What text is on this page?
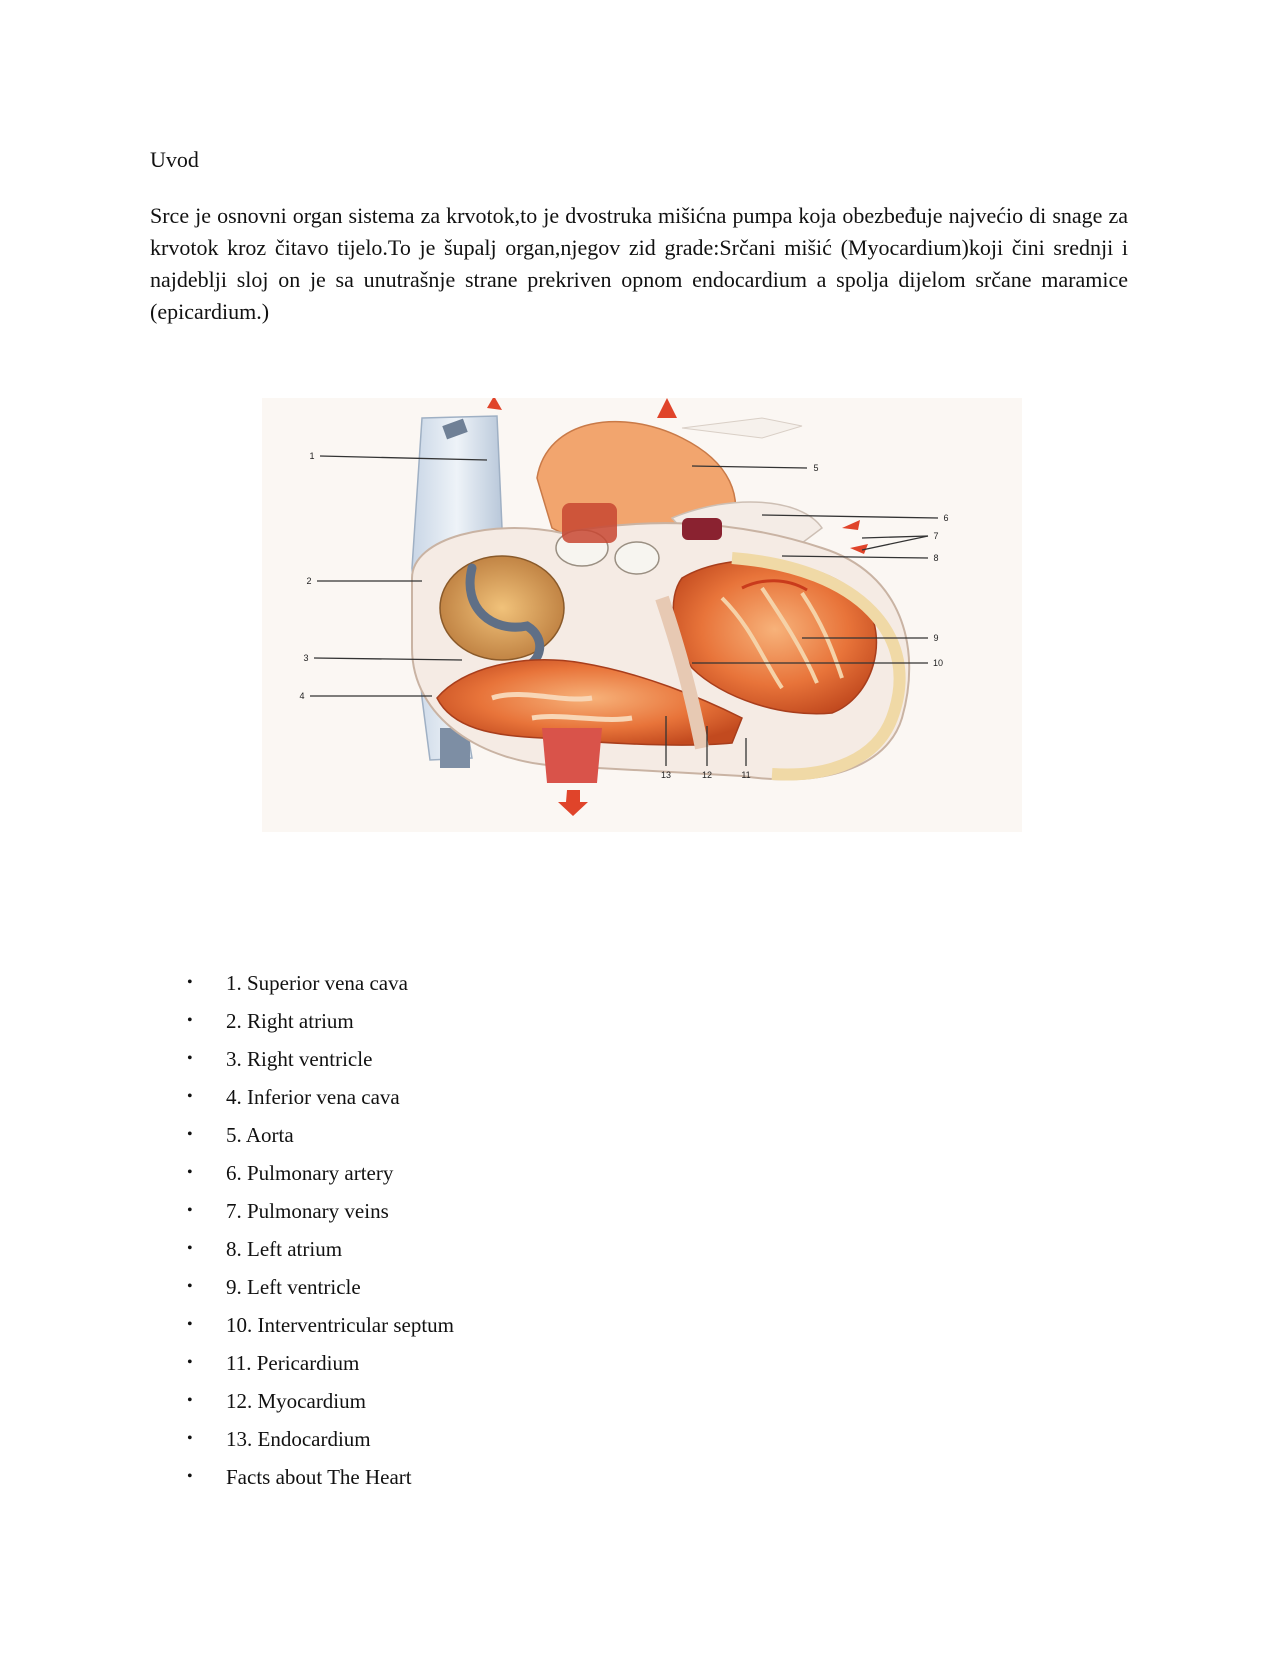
Uvod

Srce je osnovni organ sistema za krvotok,to je dvostruka mišićna pumpa koja obezbeđuje najvećio di snage za krvotok kroz čitavo tijelo.To je šupalj organ,njegov zid grade:Srčani mišić (Myocardium)koji čini srednji i najdeblji sloj on je sa unutrašnje strane prekriven opnom endocardium a spolja dijelom srčane maramice (epicardium.)

1
2
3
4
5
6
7
8
9
10
11
12
13
• 1. Superior vena cava
• 2. Right atrium
• 3. Right ventricle
• 4. Inferior vena cava
• 5. Aorta
• 6. Pulmonary artery
• 7. Pulmonary veins
• 8. Left atrium
• 9. Left ventricle
• 10. Interventricular septum
• 11. Pericardium
• 12. Myocardium
• 13. Endocardium
• Facts about The Heart
